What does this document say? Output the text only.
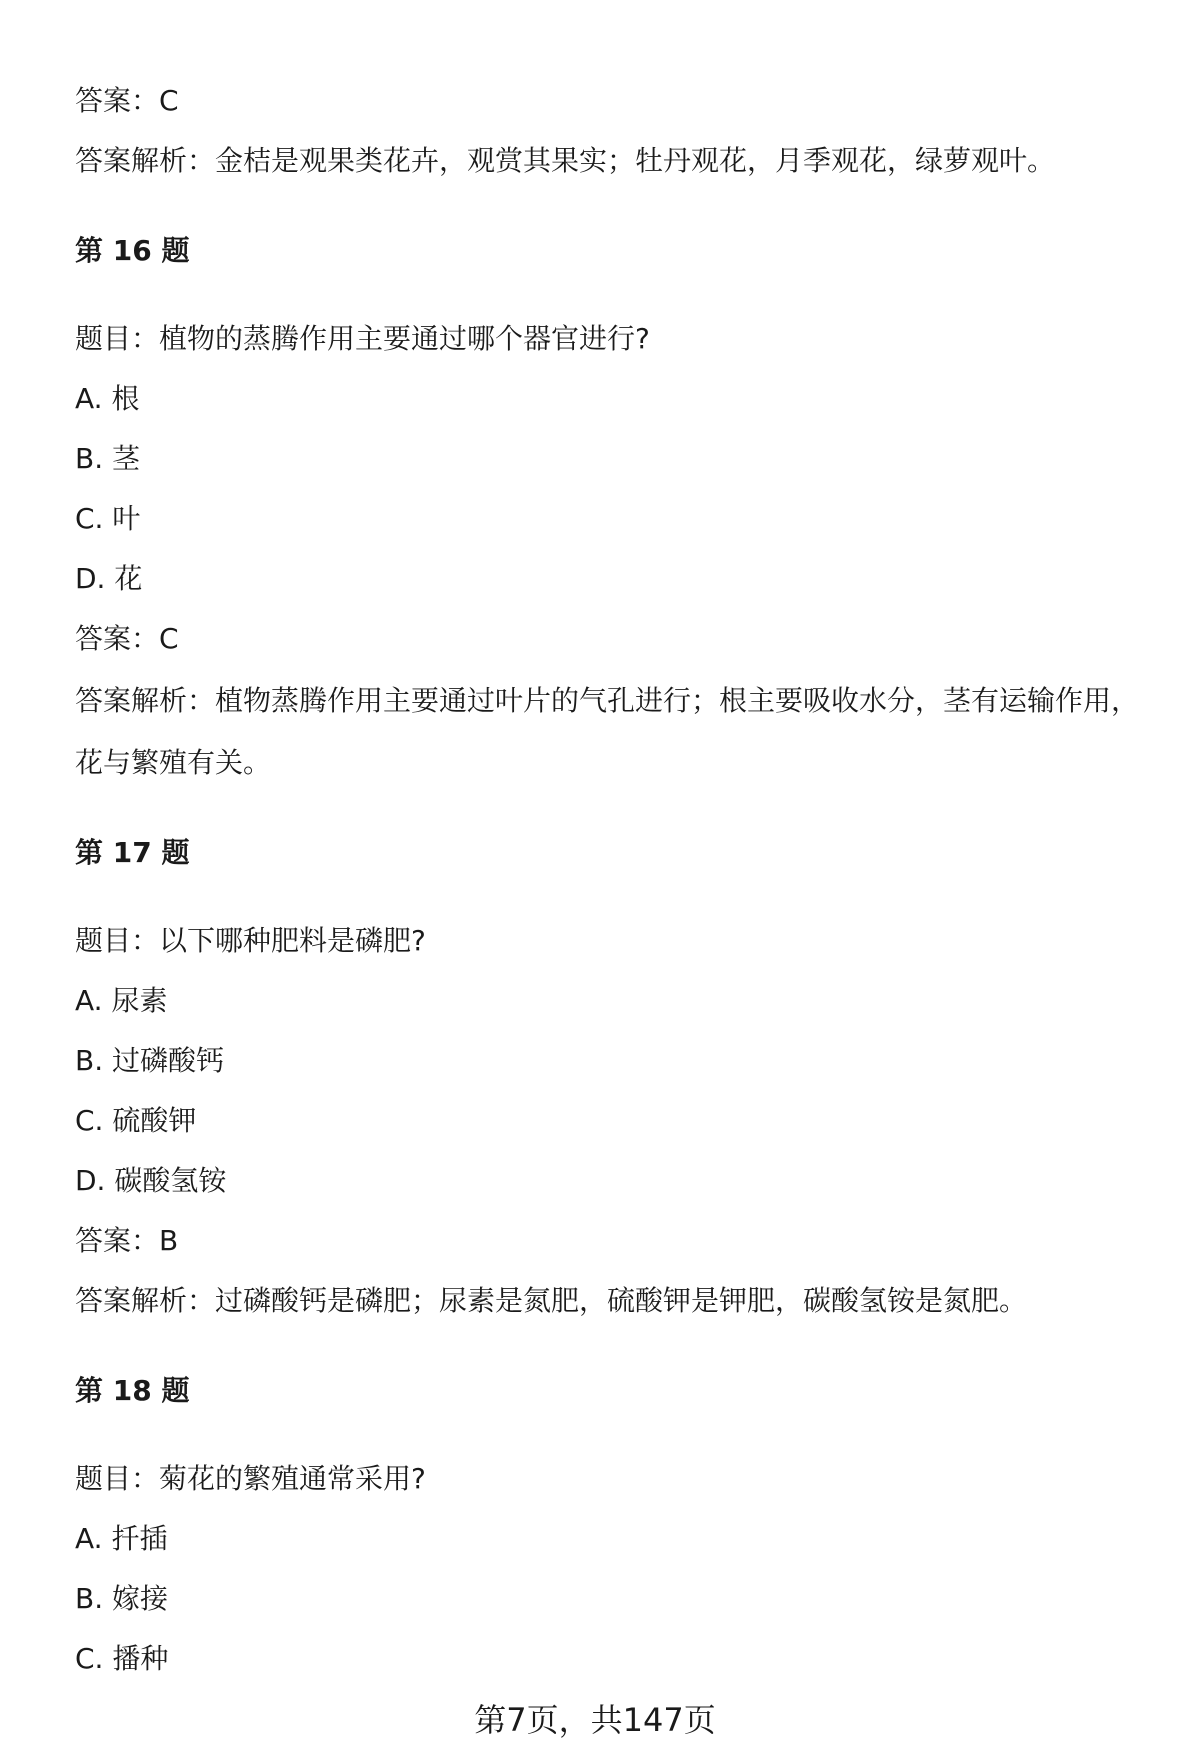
答案：C
答案解析：金桔是观果类花卉，观赏其果实；牡丹观花，月季观花，绿萝观叶。
第 16 题
题目：植物的蒸腾作用主要通过哪个器官进行?
A. 根
B. 茎
C. 叶
D. 花
答案：C
答案解析：植物蒸腾作用主要通过叶片的气孔进行；根主要吸收水分，茎有运输作用，花与繁殖有关。
第 17 题
题目：以下哪种肥料是磷肥?
A. 尿素
B. 过磷酸钙
C. 硫酸钾
D. 碳酸氢铵
答案：B
答案解析：过磷酸钙是磷肥；尿素是氮肥，硫酸钾是钾肥，碳酸氢铵是氮肥。
第 18 题
题目：菊花的繁殖通常采用?
A. 扦插
B. 嫁接
C. 播种
第7页，共147页
